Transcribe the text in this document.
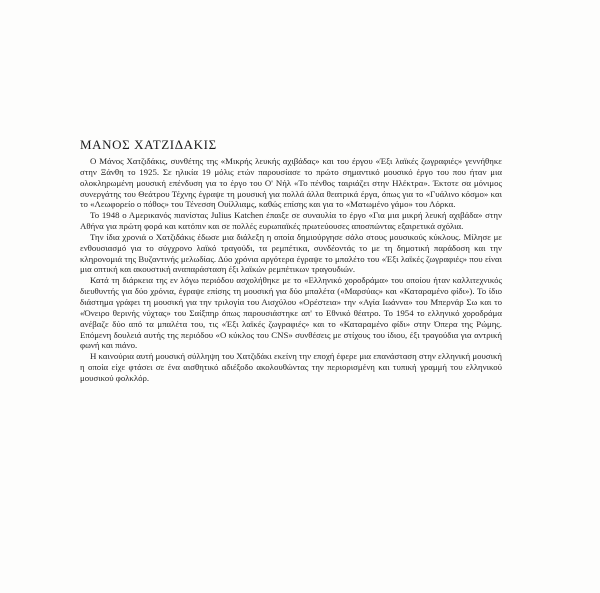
ΜΑΝΟΣ ΧΑΤΖΙΔΑΚΙΣ

Ο Μάνος Χατζιδάκις, συνθέτης της «Μικρής λευκής αχιβάδας» και του έργου «Έξι λαϊκές ζωγραφιές» γεννήθηκε στην Ξάνθη το 1925. Σε ηλικία 19 μόλις ετών παρουσίασε το πρώτο σημαντικό μουσικό έργο του που ήταν μια ολοκληρωμένη μουσική επένδυση για το έργο του Ο' Νήλ «Το πένθος ταιριάζει στην Ηλέκτρα». Έκτοτε σα μόνιμος συνεργάτης του Θεάτρου Τέχνης έγραψε τη μουσική για πολλά άλλα θεατρικά έργα, όπως για το «Γυάλινο κόσμο» και το «Λεωφορείο ο πόθος» του Τένεσση Ουίλλιαμς, καθώς επίσης και για το «Ματωμένο γάμο» του Λόρκα.

Το 1948 ο Αμερικανός πιανίστας Julius Katchen έπαιξε σε συναυλία το έργο «Για μια μικρή λευκή αχιβάδα» στην Αθήνα για πρώτη φορά και κατόπιν και σε πολλές ευρωπαϊκές πρωτεύουσες αποσπώντας εξαιρετικά σχόλια.

Την ίδια χρονιά ο Χατζιδάκις έδωσε μια διάλεξη η οποία δημιούργησε σάλο στους μουσικούς κύκλους. Μίλησε με ενθουσιασμό για το σύγχρονο λαϊκό τραγούδι, τα ρεμπέτικα, συνδέοντάς το με τη δημοτική παράδοση και την κληρονομιά της Βυζαντινής μελωδίας. Δύο χρόνια αργότερα έγραψε το μπαλέτο του «Έξι λαϊκές ζωγραφιές» που είναι μια οπτική και ακουστική αναπαράσταση έξι λαϊκών ρεμπέτικων τραγουδιών.

Κατά τη διάρκεια της εν λόγω περιόδου ασχολήθηκε με το «Ελληνικό χοροδράμα» του οποίου ήταν καλλιτεχνικός διευθυντής για δύο χρόνια, έγραψε επίσης τη μουσική για δύο μπαλέτα («Μαρσύας» και «Καταραμένο φίδι»). Το ίδιο διάστημα γράφει τη μουσική για την τριλογία του Αισχύλου «Ορέστεια» την «Αγία Ιωάννα» του Μπερνάρ Σω και το «Όνειρο θερινής νύχτας» του Σαίξπηρ όπως παρουσιάστηκε απ' το Εθνικό θέατρο. Το 1954 το ελληνικό χοροδράμα ανέβαζε δύο από τα μπαλέτα του, τις «Έξι λαϊκές ζωγραφιές» και το «Καταραμένο φίδι» στην Όπερα της Ρώμης. Επόμενη δουλειά αυτής της περιόδου «Ο κύκλος του CNS» συνθέσεις με στίχους του ίδιου, έξι τραγούδια για αντρική φωνή και πιάνο.

Η καινούρια αυτή μουσική σύλληψη του Χατζιδάκι εκείνη την εποχή έφερε μια επανάσταση στην ελληνική μουσική η οποία είχε φτάσει σε ένα αισθητικό αδιέξοδο ακολουθώντας την περιορισμένη και τυπική γραμμή του ελληνικού μουσικού φολκλόρ.
